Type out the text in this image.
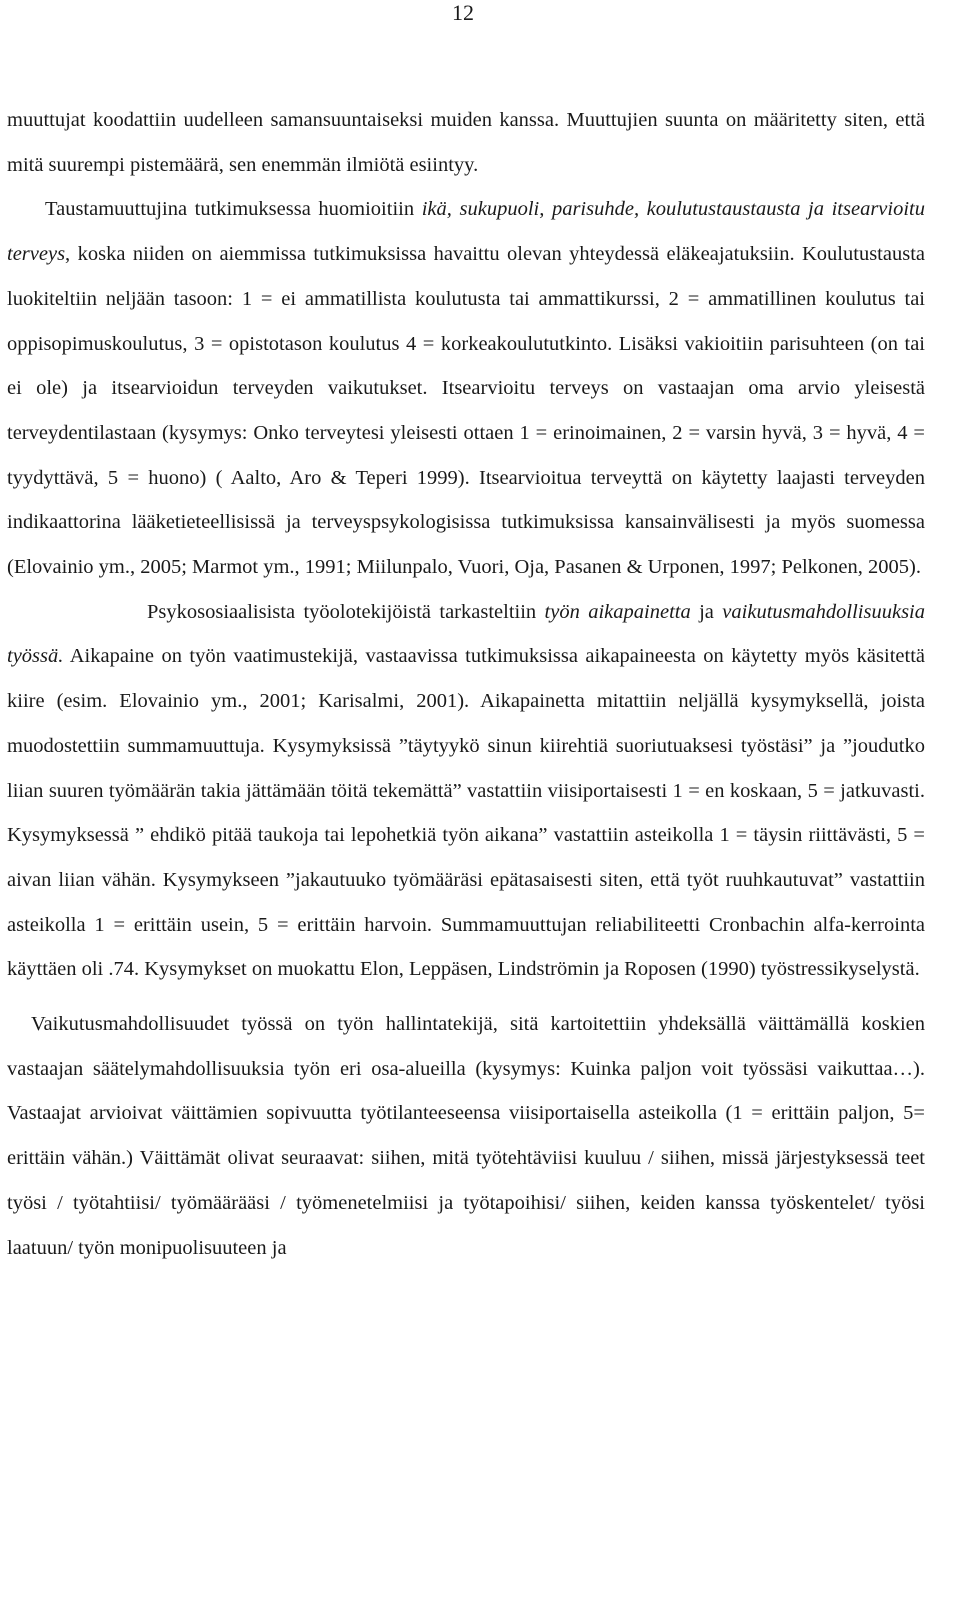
12

muuttujat koodattiin uudelleen samansuuntaiseksi muiden kanssa. Muuttujien suunta on määritetty siten, että mitä suurempi pistemäärä, sen enemmän ilmiötä esiintyy.

Taustamuuttujina tutkimuksessa huomioitiin ikä, sukupuoli, parisuhde, koulutustaustausta ja itsearvioitu terveys, koska niiden on aiemmissa tutkimuksissa havaittu olevan yhteydessä eläkeajatuksiin. Koulutustausta luokiteltiin neljään tasoon: 1 = ei ammatillista koulutusta tai ammattikurssi, 2 = ammatillinen koulutus tai oppisopimuskoulutus, 3 = opistotason koulutus 4 = korkeakoulututkinto. Lisäksi vakioitiin parisuhteen (on tai ei ole) ja itsearvioidun terveyden vaikutukset. Itsearvioitu terveys on vastaajan oma arvio yleisestä terveydentilastaan (kysymys: Onko terveytesi yleisesti ottaen 1 = erinoimainen, 2 = varsin hyvä, 3 = hyvä, 4 = tyydyttävä, 5 = huono) ( Aalto, Aro & Teperi 1999). Itsearvioitua terveyttä on käytetty laajasti terveyden indikaattorina lääketieteellisissä ja terveyspsykologisissa tutkimuksissa kansainvälisesti ja myös suomessa (Elovainio ym., 2005; Marmot ym., 1991; Miilunpalo, Vuori, Oja, Pasanen & Urponen, 1997; Pelkonen, 2005).

Psykososiaalisista työolotekijöistä tarkasteltiin työn aikapainetta ja vaikutusmahdollisuuksia työssä. Aikapaine on työn vaatimustekijä, vastaavissa tutkimuksissa aikapaineesta on käytetty myös käsitettä kiire (esim. Elovainio ym., 2001; Karisalmi, 2001). Aikapainetta mitattiin neljällä kysymyksellä, joista muodostettiin summamuuttuja. Kysymyksissä ”täytyykö sinun kiirehtiä suoriutuaksesi työstäsi” ja ”joudutko liian suuren työmäärän takia jättämään töitä tekemättä” vastattiin viisiportaisesti 1 = en koskaan, 5 = jatkuvasti. Kysymyksessä ” ehdikö pitää taukoja tai lepohetkiä työn aikana” vastattiin asteikolla 1 = täysin riittävästi, 5 = aivan liian vähän. Kysymykseen ”jakautuuko työmääräsi epätasaisesti siten, että työt ruuhkautuvat” vastattiin asteikolla 1 = erittäin usein, 5 = erittäin harvoin. Summamuuttujan reliabiliteetti Cronbachin alfa-kerrointa käyttäen oli .74. Kysymykset on muokattu Elon, Leppäsen, Lindströmin ja Roposen (1990) työstressikyselystä.

Vaikutusmahdollisuudet työssä on työn hallintatekijä, sitä kartoitettiin yhdeksällä väittämällä koskien vastaajan säätelymahdollisuuksia työn eri osa-alueilla (kysymys: Kuinka paljon voit työssäsi vaikuttaa…). Vastaajat arvioivat väittämien sopivuutta työtilanteeseensa viisiportaisella asteikolla (1 = erittäin paljon, 5= erittäin vähän.) Väittämät olivat seuraavat: siihen, mitä työtehtäviisi kuuluu / siihen, missä järjestyksessä teet työsi / työtahtiisi/ työmäärääsi / työmenetelmiisi ja työtapoihisi/ siihen, keiden kanssa työskentelet/ työsi laatuun/ työn monipuolisuuteen ja
